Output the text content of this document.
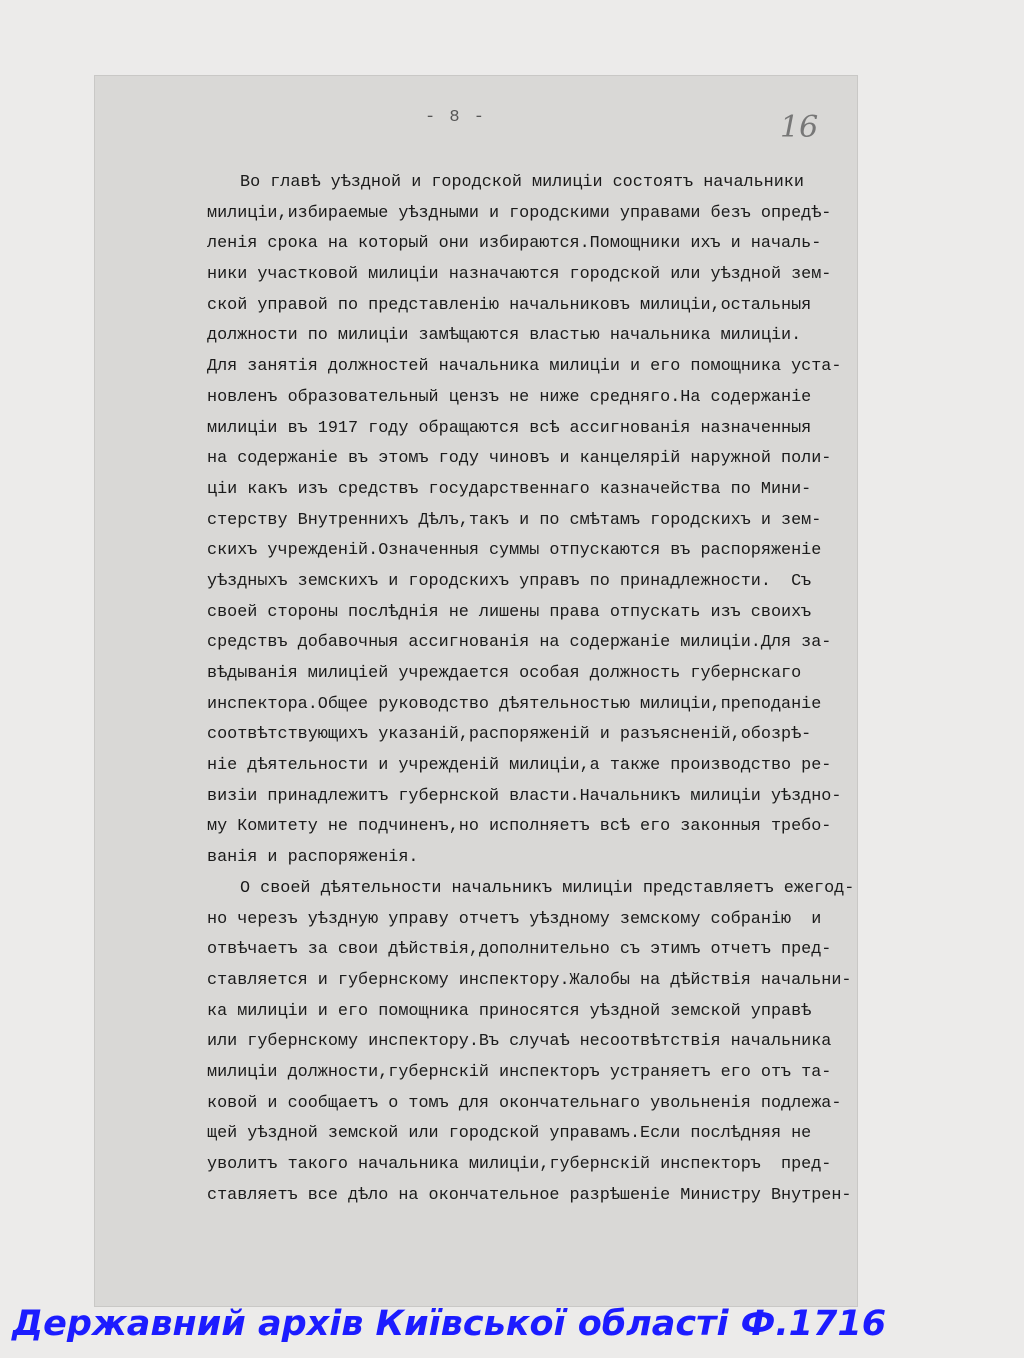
- 8 -	16
Во главѣ уѣздной и городской милиціи состоятъ начальники
милиціи,избираемые уѣздными и городскими управами безъ опредѣ-
ленія срока на который они избираются.Помощники ихъ и началь-
ники участковой милиціи назначаются городской или уѣздной зем-
ской управой по представленію начальниковъ милиціи,остальныя
должности по милиціи замѣщаются властью начальника милиціи.
Для занятія должностей начальника милиціи и его помощника уста-
новленъ образовательный цензъ не ниже средняго.На содержаніе
милиціи въ 1917 году обращаются всѣ ассигнованія назначенныя
на содержаніе въ этомъ году чиновъ и канцелярій наружной поли-
ціи какъ изъ средствъ государственнаго казначейства по Мини-
стерству Внутреннихъ Дѣлъ,такъ и по смѣтамъ городскихъ и зем-
скихъ учрежденій.Означенныя суммы отпускаются въ распоряженіе
уѣздныхъ земскихъ и городскихъ управъ по принадлежности.  Съ
своей стороны послѣднія не лишены права отпускать изъ своихъ
средствъ добавочныя ассигнованія на содержаніе милиціи.Для за-
вѣдыванія милиціей учреждается особая должность губернскаго
инспектора.Общее руководство дѣятельностью милиціи,преподаніе
соотвѣтствующихъ указаній,распоряженій и разъясненій,обозрѣ-
ніе дѣятельности и учрежденій милиціи,а также производство ре-
визіи принадлежитъ губернской власти.Начальникъ милиціи уѣздно-
му Комитету не подчиненъ,но исполняетъ всѣ его законныя требо-
ванія и распоряженія.
О своей дѣятельности начальникъ милиціи представляетъ ежегод-
но черезъ уѣздную управу отчетъ уѣздному земскому собранію  и
отвѣчаетъ за свои дѣйствія,дополнительно съ этимъ отчетъ пред-
ставляется и губернскому инспектору.Жалобы на дѣйствія начальни-
ка милиціи и его помощника приносятся уѣздной земской управѣ
или губернскому инспектору.Въ случаѣ несоотвѣтствія начальника
милиціи должности,губернскій инспекторъ устраняетъ его отъ та-
ковой и сообщаетъ о томъ для окончательнаго увольненія подлежа-
щей уѣздной земской или городской управамъ.Если послѣдняя не
уволитъ такого начальника милиціи,губернскій инспекторъ  пред-
ставляетъ все дѣло на окончательное разрѣшеніе Министру Внутрен-
Державний архів Київської області Ф.1716
